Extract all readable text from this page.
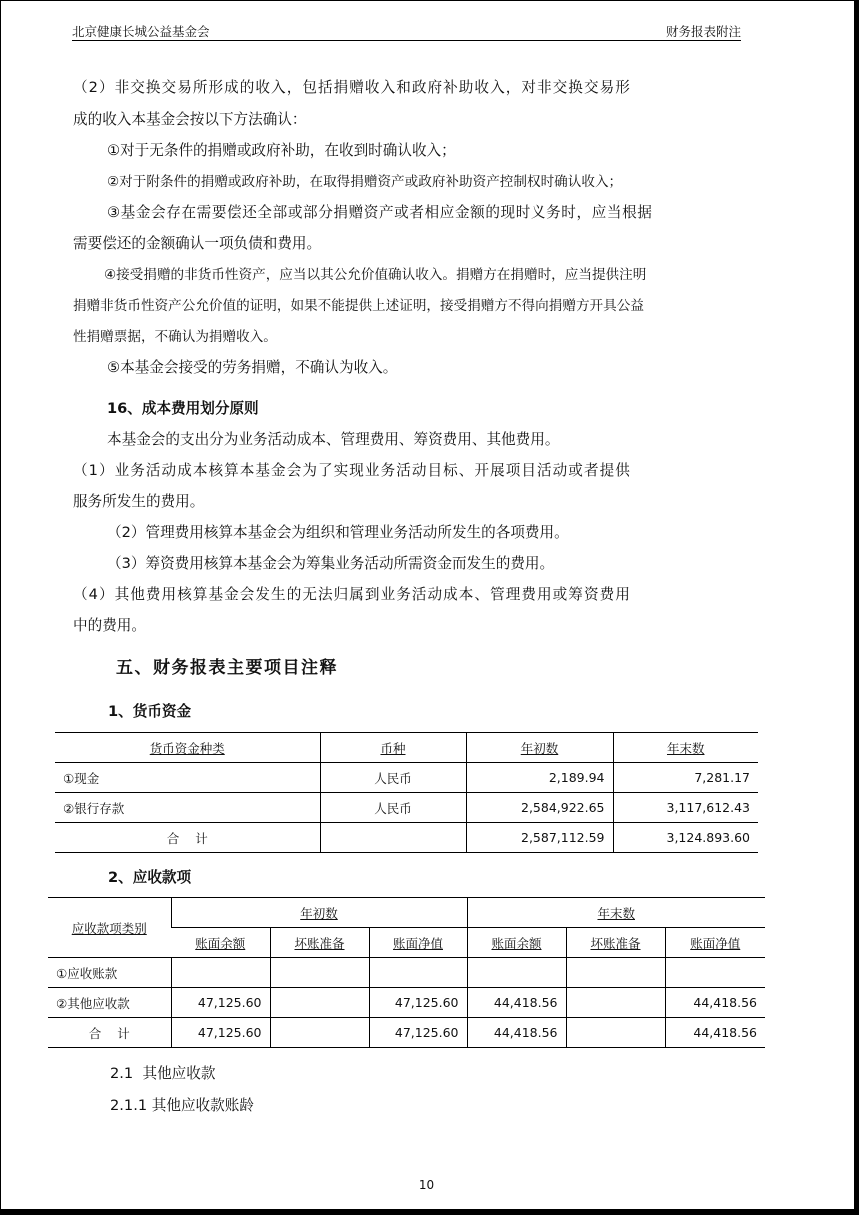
北京健康长城公益基金会	财务报表附注
（2）非交换交易所形成的收入，包括捐赠收入和政府补助收入，对非交换交易形
成的收入本基金会按以下方法确认：
①对于无条件的捐赠或政府补助，在收到时确认收入；
②对于附条件的捐赠或政府补助，在取得捐赠资产或政府补助资产控制权时确认收入；
③基金会存在需要偿还全部或部分捐赠资产或者相应金额的现时义务时，应当根据
需要偿还的金额确认一项负债和费用。
④接受捐赠的非货币性资产，应当以其公允价值确认收入。捐赠方在捐赠时，应当提供注明
捐赠非货币性资产公允价值的证明，如果不能提供上述证明，接受捐赠方不得向捐赠方开具公益
性捐赠票据，不确认为捐赠收入。
⑤本基金会接受的劳务捐赠，不确认为收入。
16、成本费用划分原则
本基金会的支出分为业务活动成本、管理费用、筹资费用、其他费用。
（1）业务活动成本核算本基金会为了实现业务活动目标、开展项目活动或者提供
服务所发生的费用。
（2）管理费用核算本基金会为组织和管理业务活动所发生的各项费用。
（3）筹资费用核算本基金会为筹集业务活动所需资金而发生的费用。
（4）其他费用核算基金会发生的无法归属到业务活动成本、管理费用或筹资费用
中的费用。
五、财务报表主要项目注释
1、货币资金
货币资金种类	币种	年初数	年末数
①现金	人民币	2,189.94	7,281.17
②银行存款	人民币	2,584,922.65	3,117,612.43
合    计		2,587,112.59	3,124.893.60
2、应收款项
应收款项类别	年初数			年末数		
	账面余额	坏账准备	账面净值	账面余额	坏账准备	账面净值
①应收账款						
②其他应收款	47,125.60		47,125.60	44,418.56		44,418.56
合    计	47,125.60		47,125.60	44,418.56		44,418.56
2.1  其他应收款
2.1.1 其他应收款账龄
10
